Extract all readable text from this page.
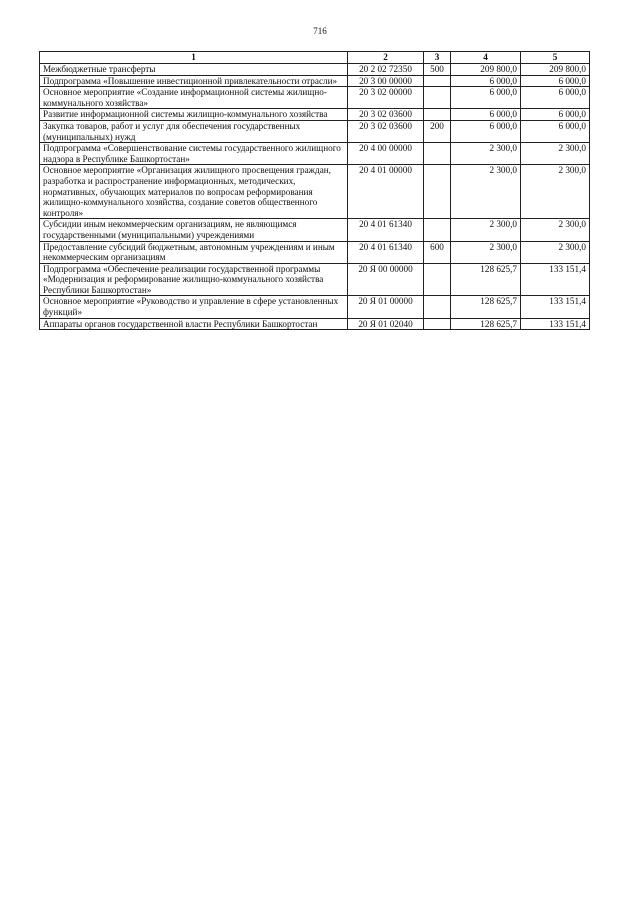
716
1	2	3	4	5
Межбюджетные трансферты	20 2 02 72350	500	209 800,0	209 800,0
Подпрограмма «Повышение инвестиционной привлекательности отрасли»	20 3 00 00000		6 000,0	6 000,0
Основное мероприятие «Создание информационной системы жилищно-коммунального хозяйства»	20 3 02 00000		6 000,0	6 000,0
Развитие информационной системы жилищно-коммунального хозяйства	20 3 02 03600		6 000,0	6 000,0
Закупка товаров, работ и услуг для обеспечения государственных (муниципальных) нужд	20 3 02 03600	200	6 000,0	6 000,0
Подпрограмма «Совершенствование системы государственного жилищного надзора в Республике Башкортостан»	20 4 00 00000		2 300,0	2 300,0
Основное мероприятие «Организация жилищного просвещения граждан, разработка и распространение информационных, методических, нормативных, обучающих материалов по вопросам реформирования жилищно-коммунального хозяйства, создание советов общественного контроля»	20 4 01 00000		2 300,0	2 300,0
Субсидии иным некоммерческим организациям, не являющимся государственными (муниципальными) учреждениями	20 4 01 61340		2 300,0	2 300,0
Предоставление субсидий бюджетным, автономным учреждениям и иным некоммерческим организациям	20 4 01 61340	600	2 300,0	2 300,0
Подпрограмма «Обеспечение реализации государственной программы «Модернизация и реформирование жилищно-коммунального хозяйства Республики Башкортостан»	20 Я 00 00000		128 625,7	133 151,4
Основное мероприятие «Руководство и управление в сфере установленных функций»	20 Я 01 00000		128 625,7	133 151,4
Аппараты органов государственной власти Республики Башкортостан	20 Я 01 02040		128 625,7	133 151,4
